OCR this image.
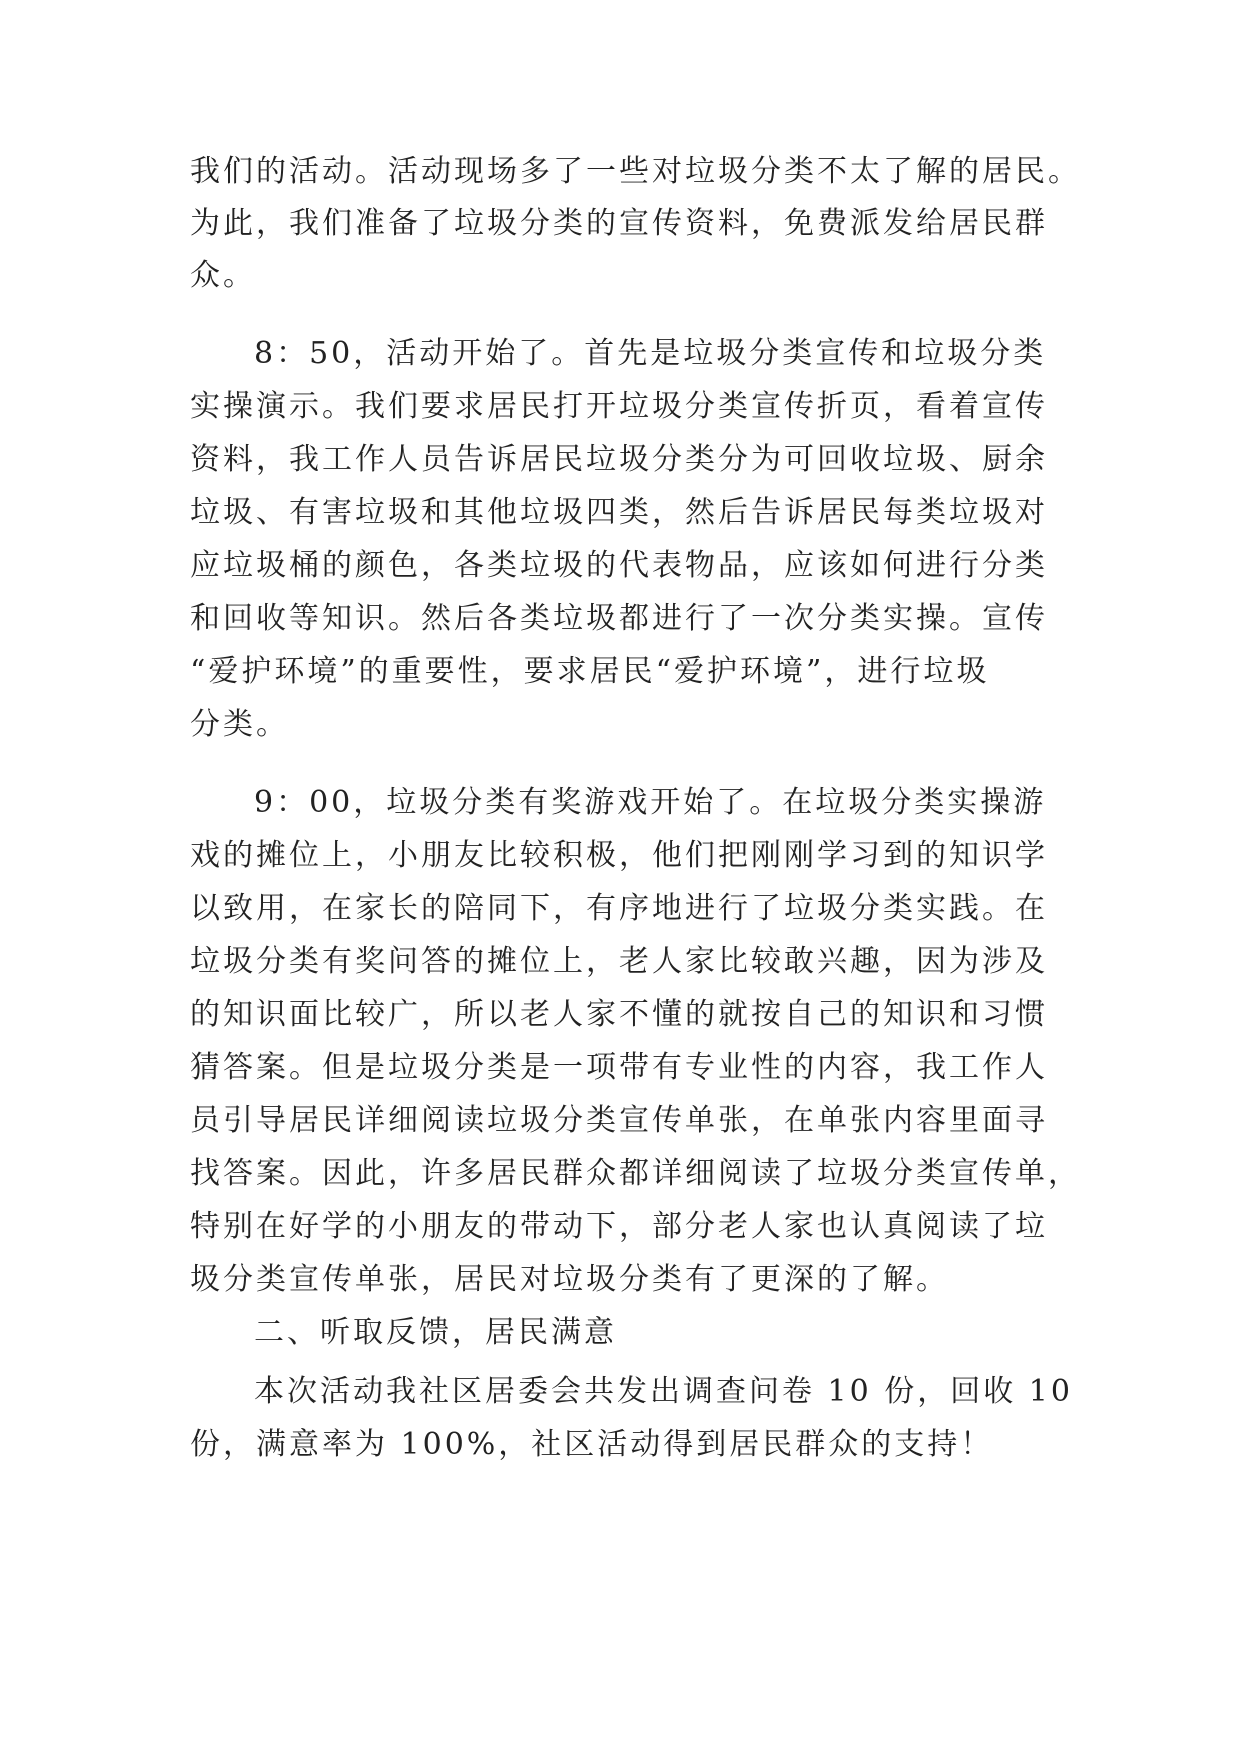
我们的活动。活动现场多了一些对垃圾分类不太了解的居民。
为此，我们准备了垃圾分类的宣传资料，免费派发给居民群
众。
8：50，活动开始了。首先是垃圾分类宣传和垃圾分类
实操演示。我们要求居民打开垃圾分类宣传折页，看着宣传
资料，我工作人员告诉居民垃圾分类分为可回收垃圾、厨余
垃圾、有害垃圾和其他垃圾四类，然后告诉居民每类垃圾对
应垃圾桶的颜色，各类垃圾的代表物品，应该如何进行分类
和回收等知识。然后各类垃圾都进行了一次分类实操。宣传
“爱护环境”的重要性，要求居民“爱护环境”，进行垃圾
分类。
9：00，垃圾分类有奖游戏开始了。在垃圾分类实操游
戏的摊位上，小朋友比较积极，他们把刚刚学习到的知识学
以致用，在家长的陪同下，有序地进行了垃圾分类实践。在
垃圾分类有奖问答的摊位上，老人家比较敢兴趣，因为涉及
的知识面比较广，所以老人家不懂的就按自己的知识和习惯
猜答案。但是垃圾分类是一项带有专业性的内容，我工作人
员引导居民详细阅读垃圾分类宣传单张，在单张内容里面寻
找答案。因此，许多居民群众都详细阅读了垃圾分类宣传单，
特别在好学的小朋友的带动下，部分老人家也认真阅读了垃
圾分类宣传单张，居民对垃圾分类有了更深的了解。
二、听取反馈，居民满意
本次活动我社区居委会共发出调查问卷 10 份，回收 10
份，满意率为 100%，社区活动得到居民群众的支持！
